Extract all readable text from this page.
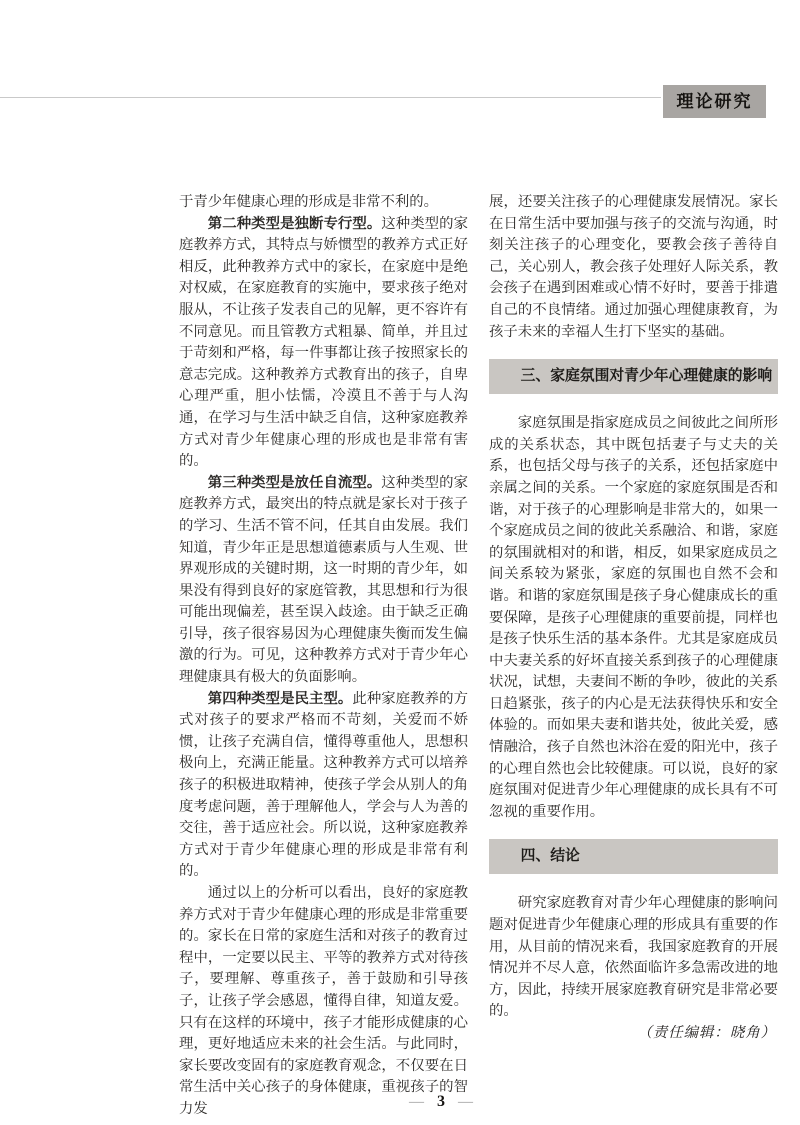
理论研究

于青少年健康心理的形成是非常不利的。

第二种类型是独断专行型。这种类型的家庭教养方式，其特点与娇惯型的教养方式正好相反，此种教养方式中的家长，在家庭中是绝对权威，在家庭教育的实施中，要求孩子绝对服从，不让孩子发表自己的见解，更不容许有不同意见。而且管教方式粗暴、简单，并且过于苛刻和严格，每一件事都让孩子按照家长的意志完成。这种教养方式教育出的孩子，自卑心理严重，胆小怯懦，冷漠且不善于与人沟通，在学习与生活中缺乏自信，这种家庭教养方式对青少年健康心理的形成也是非常有害的。

第三种类型是放任自流型。这种类型的家庭教养方式，最突出的特点就是家长对于孩子的学习、生活不管不问，任其自由发展。我们知道，青少年正是思想道德素质与人生观、世界观形成的关键时期，这一时期的青少年，如果没有得到良好的家庭管教，其思想和行为很可能出现偏差，甚至误入歧途。由于缺乏正确引导，孩子很容易因为心理健康失衡而发生偏激的行为。可见，这种教养方式对于青少年心理健康具有极大的负面影响。

第四种类型是民主型。此种家庭教养的方式对孩子的要求严格而不苛刻，关爱而不娇惯，让孩子充满自信，懂得尊重他人，思想积极向上，充满正能量。这种教养方式可以培养孩子的积极进取精神，使孩子学会从别人的角度考虑问题，善于理解他人，学会与人为善的交往，善于适应社会。所以说，这种家庭教养方式对于青少年健康心理的形成是非常有利的。

通过以上的分析可以看出，良好的家庭教养方式对于青少年健康心理的形成是非常重要的。家长在日常的家庭生活和对孩子的教育过程中，一定要以民主、平等的教养方式对待孩子，要理解、尊重孩子，善于鼓励和引导孩子，让孩子学会感恩，懂得自律，知道友爱。只有在这样的环境中，孩子才能形成健康的心理，更好地适应未来的社会生活。与此同时，家长要改变固有的家庭教育观念，不仅要在日常生活中关心孩子的身体健康，重视孩子的智力发

展，还要关注孩子的心理健康发展情况。家长在日常生活中要加强与孩子的交流与沟通，时刻关注孩子的心理变化，要教会孩子善待自己，关心别人，教会孩子处理好人际关系，教会孩子在遇到困难或心情不好时，要善于排遣自己的不良情绪。通过加强心理健康教育，为孩子未来的幸福人生打下坚实的基础。

三、家庭氛围对青少年心理健康的影响

家庭氛围是指家庭成员之间彼此之间所形成的关系状态，其中既包括妻子与丈夫的关系，也包括父母与孩子的关系，还包括家庭中亲属之间的关系。一个家庭的家庭氛围是否和谐，对于孩子的心理影响是非常大的，如果一个家庭成员之间的彼此关系融洽、和谐，家庭的氛围就相对的和谐，相反，如果家庭成员之间关系较为紧张，家庭的氛围也自然不会和谐。和谐的家庭氛围是孩子身心健康成长的重要保障，是孩子心理健康的重要前提，同样也是孩子快乐生活的基本条件。尤其是家庭成员中夫妻关系的好坏直接关系到孩子的心理健康状况，试想，夫妻间不断的争吵，彼此的关系日趋紧张，孩子的内心是无法获得快乐和安全体验的。而如果夫妻和谐共处，彼此关爱，感情融洽，孩子自然也沐浴在爱的阳光中，孩子的心理自然也会比较健康。可以说，良好的家庭氛围对促进青少年心理健康的成长具有不可忽视的重要作用。

四、结论

研究家庭教育对青少年心理健康的影响问题对促进青少年健康心理的形成具有重要的作用，从目前的情况来看，我国家庭教育的开展情况并不尽人意，依然面临许多急需改进的地方，因此，持续开展家庭教育研究是非常必要的。

（责任编辑：晓角）

— 3 —
